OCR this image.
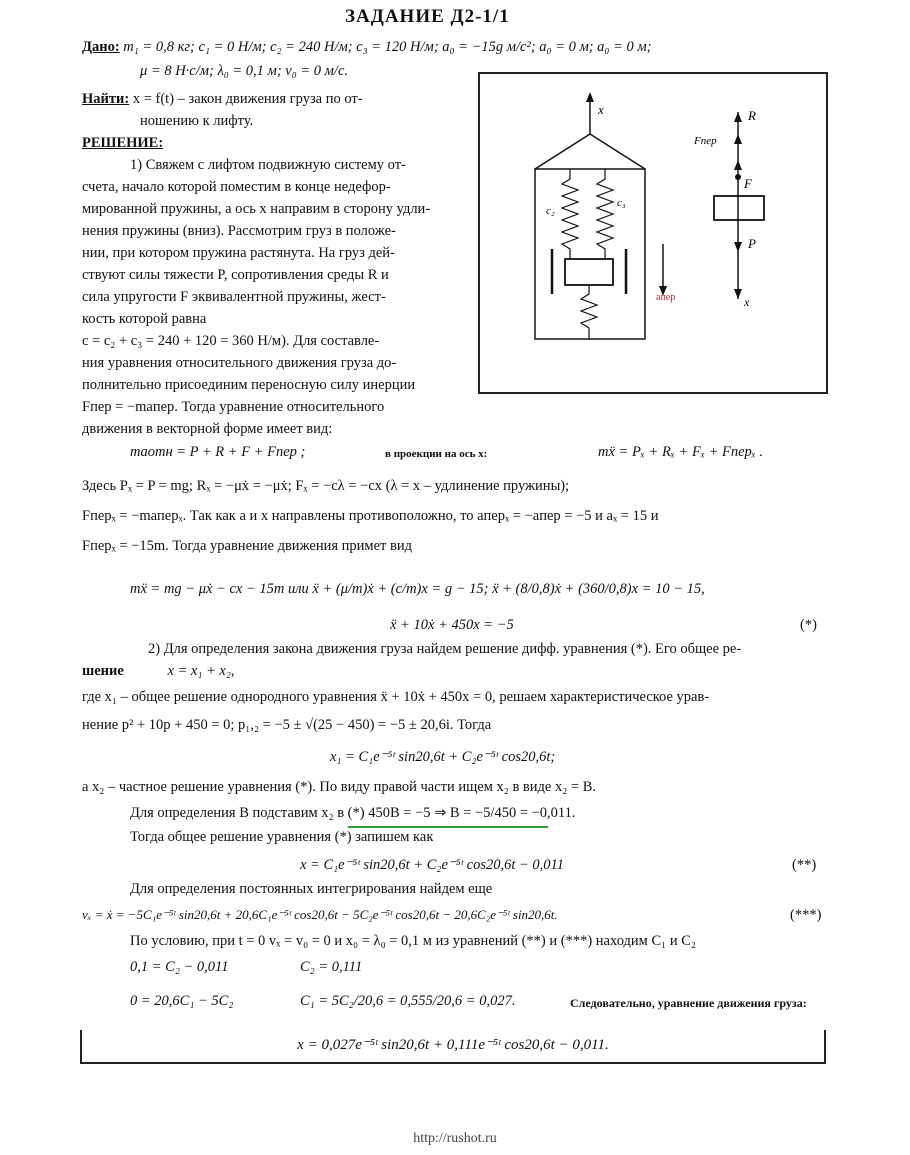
ЗАДАНИЕ Д2-1/1
Дано: m₁ = 0,8 кг; c₁ = 0 Н/м; c₂ = 240 Н/м; c₃ = 120 Н/м; a₀ = −15g м/с²; a₀ = 0 м; a₀ = 0 м;
μ = 8 Н·с/м; λ₀ = 0,1 м; v₀ = 0 м/с.
Найти: x = f(t) – закон движения груза по от-
ношению к лифту.
РЕШЕНИЕ:
1) Свяжем с лифтом подвижную систему от-
счета, начало которой поместим в конце недефор-
мированной пружины, а ось x направим в сторону удли-
нения пружины (вниз). Рассмотрим груз в положе-
нии, при котором пружина растянута. На груз дей-
ствуют силы тяжести P, сопротивления среды R и
сила упругости F эквивалентной пружины, жест-
кость которой равна
c = c₂ + c₃ = 240 + 120 = 360 Н/м). Для составле-
ния уравнения относительного движения груза до-
полнительно присоединим переносную силу инерции
Fпер = −maпер. Тогда уравнение относительного
движения в векторной форме имеет вид:
x
c₂
c₃
aпер
R
Fпер
F
P
x
maотн = P + R + F + Fпер ;	в проекции на ось x:	mẍ = Pₓ + Rₓ + Fₓ + Fперₓ .
Здесь Pₓ = P = mg; Rₓ = −μẋ = −μẋ; Fₓ = −cλ = −cx (λ = x – удлинение пружины);
Fперₓ = −maперₓ. Так как a и x направлены противоположно, то aперₓ = −aпер = −5 и aₓ = 15 и
Fперₓ = −15m. Тогда уравнение движения примет вид
mẍ = mg − μẋ − cx − 15m или ẍ + (μ/m)ẋ + (c/m)x = g − 15; ẍ + (8/0,8)ẋ + (360/0,8)x = 10 − 15,
ẍ + 10ẋ + 450x = −5	(*)
2) Для определения закона движения груза найдем решение дифф. уравнения (*). Его общее ре-
шение	x = x₁ + x₂,
где x₁ – общее решение однородного уравнения ẍ + 10ẋ + 450x = 0, решаем характеристическое урав-
нение p² + 10p + 450 = 0; p₁,₂ = −5 ± √(25 − 450) = −5 ± 20,6i. Тогда
x₁ = C₁e⁻⁵ᵗ sin20,6t + C₂e⁻⁵ᵗ cos20,6t;
а x₂ – частное решение уравнения (*). По виду правой части ищем x₂ в виде x₂ = B.
Для определения B подставим x₂ в (*) 450B = −5 ⇒ B = −5/450 = −0,011.
Тогда общее решение уравнения (*) запишем как
x = C₁e⁻⁵ᵗ sin20,6t + C₂e⁻⁵ᵗ cos20,6t − 0,011	(**)
Для определения постоянных интегрирования найдем еще
vₓ = ẋ = −5C₁e⁻⁵ᵗ sin20,6t + 20,6C₁e⁻⁵ᵗ cos20,6t − 5C₂e⁻⁵ᵗ cos20,6t − 20,6C₂e⁻⁵ᵗ sin20,6t.	(***)
По условию, при t = 0 vₓ = v₀ = 0 и x₀ = λ₀ = 0,1 м из уравнений (**) и (***) находим C₁ и C₂
0,1 = C₂ − 0,011	C₂ = 0,111
0 = 20,6C₁ − 5C₂	C₁ = 5C₂/20,6 = 0,555/20,6 = 0,027.	Следовательно, уравнение движения груза:
x = 0,027e⁻⁵ᵗ sin20,6t + 0,111e⁻⁵ᵗ cos20,6t − 0,011.
http://rushot.ru
